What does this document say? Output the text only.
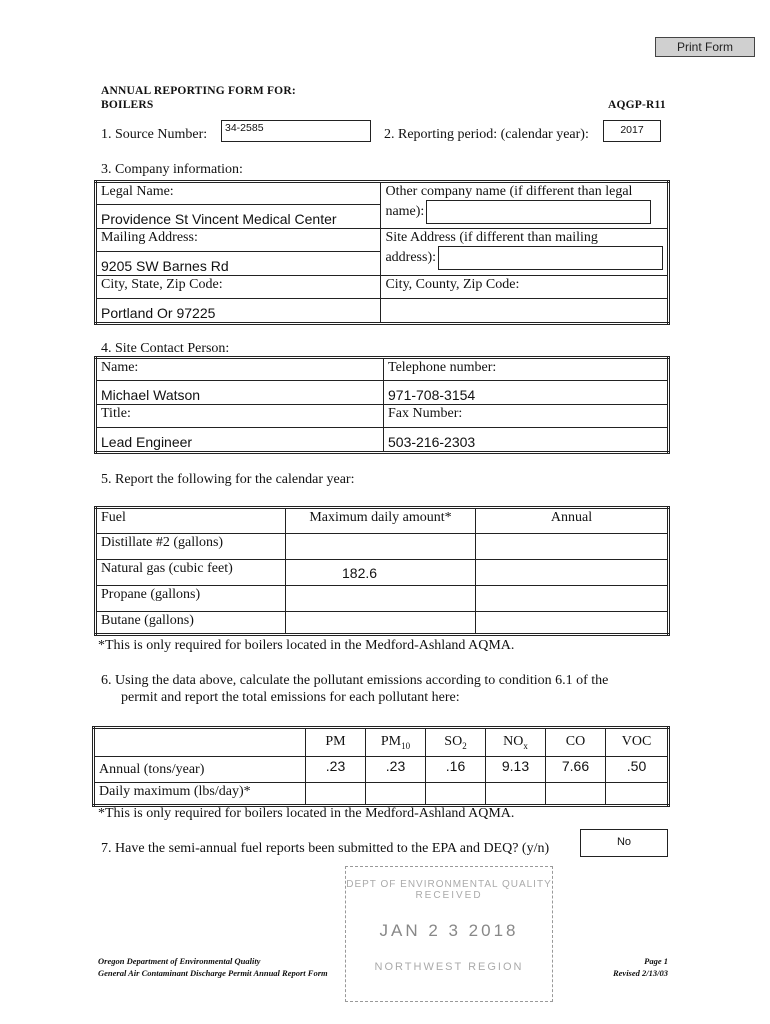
Print Form
ANNUAL REPORTING FORM FOR:
BOILERS	AQGP-R11
1. Source Number:	34-2585	2. Reporting period: (calendar year):	2017
3. Company information:
Legal Name:	Other company name (if different than legal
name):

Providence St Vincent Medical Center	
Mailing Address:	Site Address (if different than mailing
address):

9205 SW Barnes Rd	
City, State, Zip Code:	City, County, Zip Code:
Portland Or 97225	
4. Site Contact Person:
Name:	Telephone number:
Michael Watson	971-708-3154
Title:	Fax Number:
Lead Engineer	503-216-2303
5. Report the following for the calendar year:
Fuel	Maximum daily amount*	Annual
Distillate #2 (gallons)		
Natural gas (cubic feet)	182.6	
Propane (gallons)		
Butane (gallons)		
*This is only required for boilers located in the Medford-Ashland AQMA.
6. Using the data above, calculate the pollutant emissions according to condition 6.1 of the
permit and report the total emissions for each pollutant here:
	PM	$PM_{10}$	$SO_2$	$NO_x$	CO	VOC
Annual (tons/year)	.23	.23	.16	9.13	7.66	.50
Daily maximum (lbs/day)*						
*This is only required for boilers located in the Medford-Ashland AQMA.
7. Have the semi-annual fuel reports been submitted to the EPA and DEQ? (y/n)	No
DEPT OF ENVIRONMENTAL QUALITY
RECEIVED
JAN 2 3 2018
NORTHWEST REGION
Oregon Department of Environmental Quality
General Air Contaminant Discharge Permit Annual Report Form
Page 1
Revised 2/13/03
